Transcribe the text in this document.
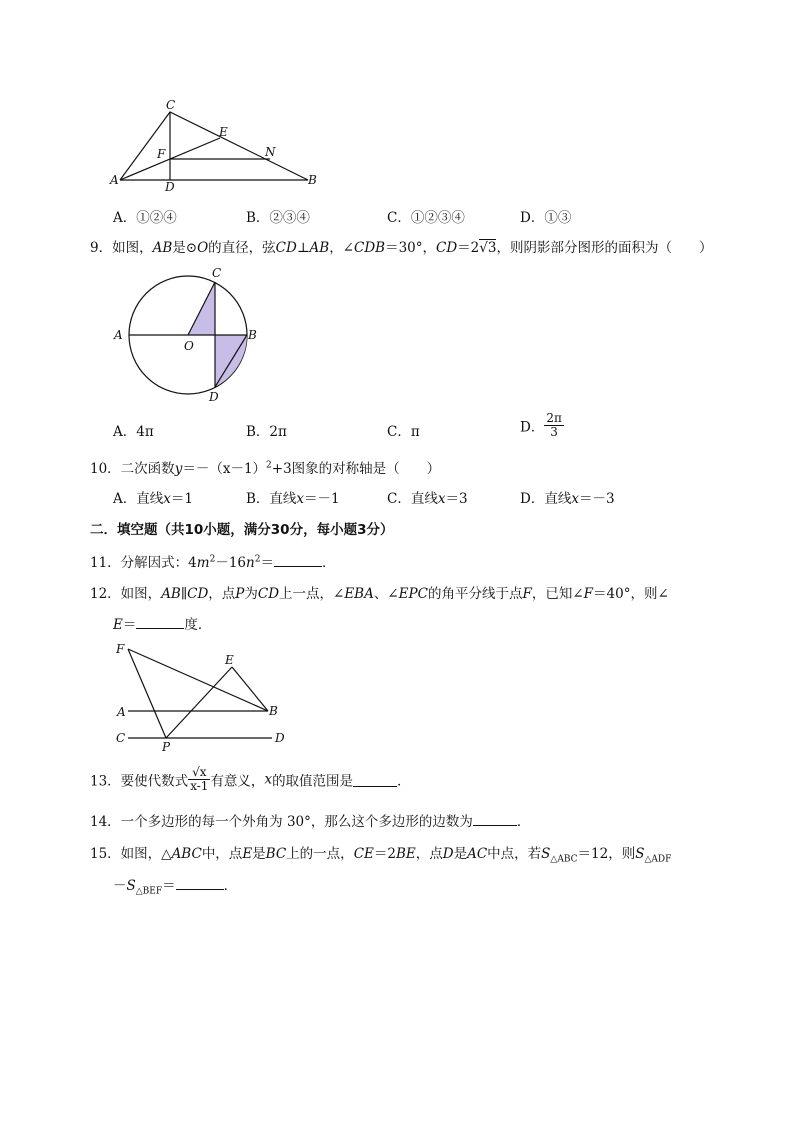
C
E
F	N
A	D	B
A．①②④	B．②③④	C．①②③④	D．①③
9．如图，AB是⊙O的直径，弦CD⊥AB，∠CDB＝30°，CD＝2√3，则阴影部分图形的面积为（　　）
C
A
O
B
D
A．4π	B．2π	C．π	D． $\frac{2\pi}{3}$
10．二次函数$y=-(x-1)^2+3$图象的对称轴是（　　）
A．直线x＝1	B．直线x＝－1	C．直线x＝3	D．直线x＝－3
二．填空题（共10小题，满分30分，每小题3分）
11．分解因式：$4m^2-16n^2=$	．
12．如图，AB∥CD，点P为CD上一点，∠EBA、∠EPC的角平分线于点F，已知∠F＝40°，则∠
E＝	度．
F
E
A	B
C
P
D
13．要使代数式 $\frac{√x}{x-1}$ 有意义，x的取值范围是	．
14．一个多边形的每一个外角为 30°，那么这个多边形的边数为	．
15．如图，△ABC中，点E是BC上的一点，CE＝2BE，点D是AC中点，若$S_{\triangle ABC}=12$，则$S_{\triangle ADF}$
$-S_{\triangle BEF}=$	．
